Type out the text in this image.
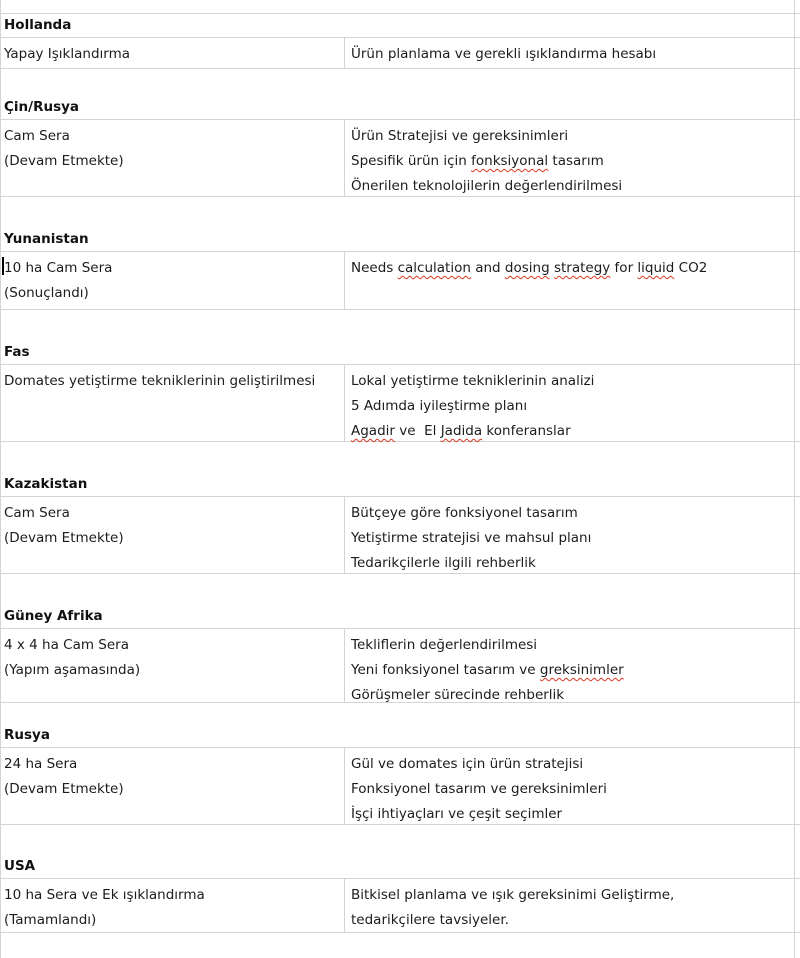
Hollanda
Yapay Işıklandırma	Ürün planlama ve gerekli ışıklandırma hesabı
Çin/Rusya
Cam Sera
(Devam Etmekte)
Ürün Stratejisi ve gereksinimleri
Spesifik ürün için fonksiyonal tasarım
Önerilen teknolojilerin değerlendirilmesi
Yunanistan
10 ha Cam Sera
(Sonuçlandı)
Needs calculation and dosing strategy for liquid CO2
Fas
Domates yetiştirme tekniklerinin geliştirilmesi	Lokal yetiştirme tekniklerinin analizi
5 Adımda iyileştirme planı
Agadir ve  El Jadida konferanslar
Kazakistan
Cam Sera
(Devam Etmekte)
Bütçeye göre fonksiyonel tasarım
Yetiştirme stratejisi ve mahsul planı
Tedarikçilerle ilgili rehberlik
Güney Afrika
4 x 4 ha Cam Sera
(Yapım aşamasında)
Tekliflerin değerlendirilmesi
Yeni fonksiyonel tasarım ve greksinimler
Görüşmeler sürecinde rehberlik
Rusya
24 ha Sera
(Devam Etmekte)
Gül ve domates için ürün stratejisi
Fonksiyonel tasarım ve gereksinimleri
İşçi ihtiyaçları ve çeşit seçimler
USA
10 ha Sera ve Ek ışıklandırma
(Tamamlandı)
Bitkisel planlama ve ışık gereksinimi Geliştirme,
tedarikçilere tavsiyeler.
